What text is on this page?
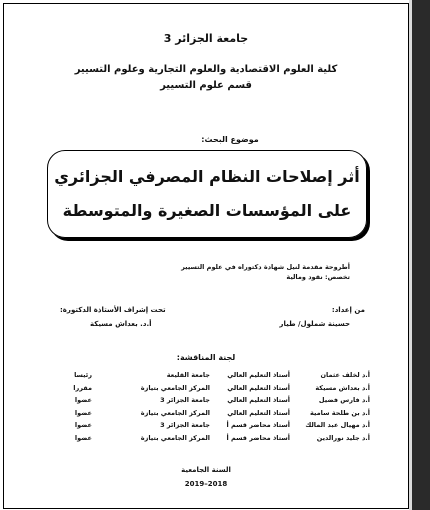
جامعة الجزائر 3
كلية العلوم الاقتصادية والعلوم التجارية وعلوم التسيير
قسم علوم التسيير
موضوع البحث:
أثر إصلاحات النظام المصرفي الجزائري
على المؤسسات الصغيرة والمتوسطة
أطروحة مقدمة لنيل شهادة دكتوراه في علوم التسيير
تخصص: نقود ومالية
من إعداد:
حسينة شملول/ طيار
تحت إشراف الأستاذة الدكتورة:
أ.د. بعداش مسيكة
لجنة المناقشة:
أ.د لخلف عثمانأستاذ التعليم العاليجامعة القليعةرئيسا
أ.د بعداش مسيكةأستاذ التعليم العاليالمركز الجامعي بتيازةمقررا
أ.د فارس فضيلأستاذ التعليم العاليجامعة الجزائر 3عضوا
أ.د بن طلحة ساميةأستاذ التعليم العاليالمركز الجامعي بتيازةعضوا
أ.د مهيال عبد المالكأستاذ محاضر قسم أجامعة الجزائر 3عضوا
أ.د جليد نورالدينأستاذ محاضر قسم أالمركز الجامعي بتيازةعضوا
السنة الجامعية
2019–2018
